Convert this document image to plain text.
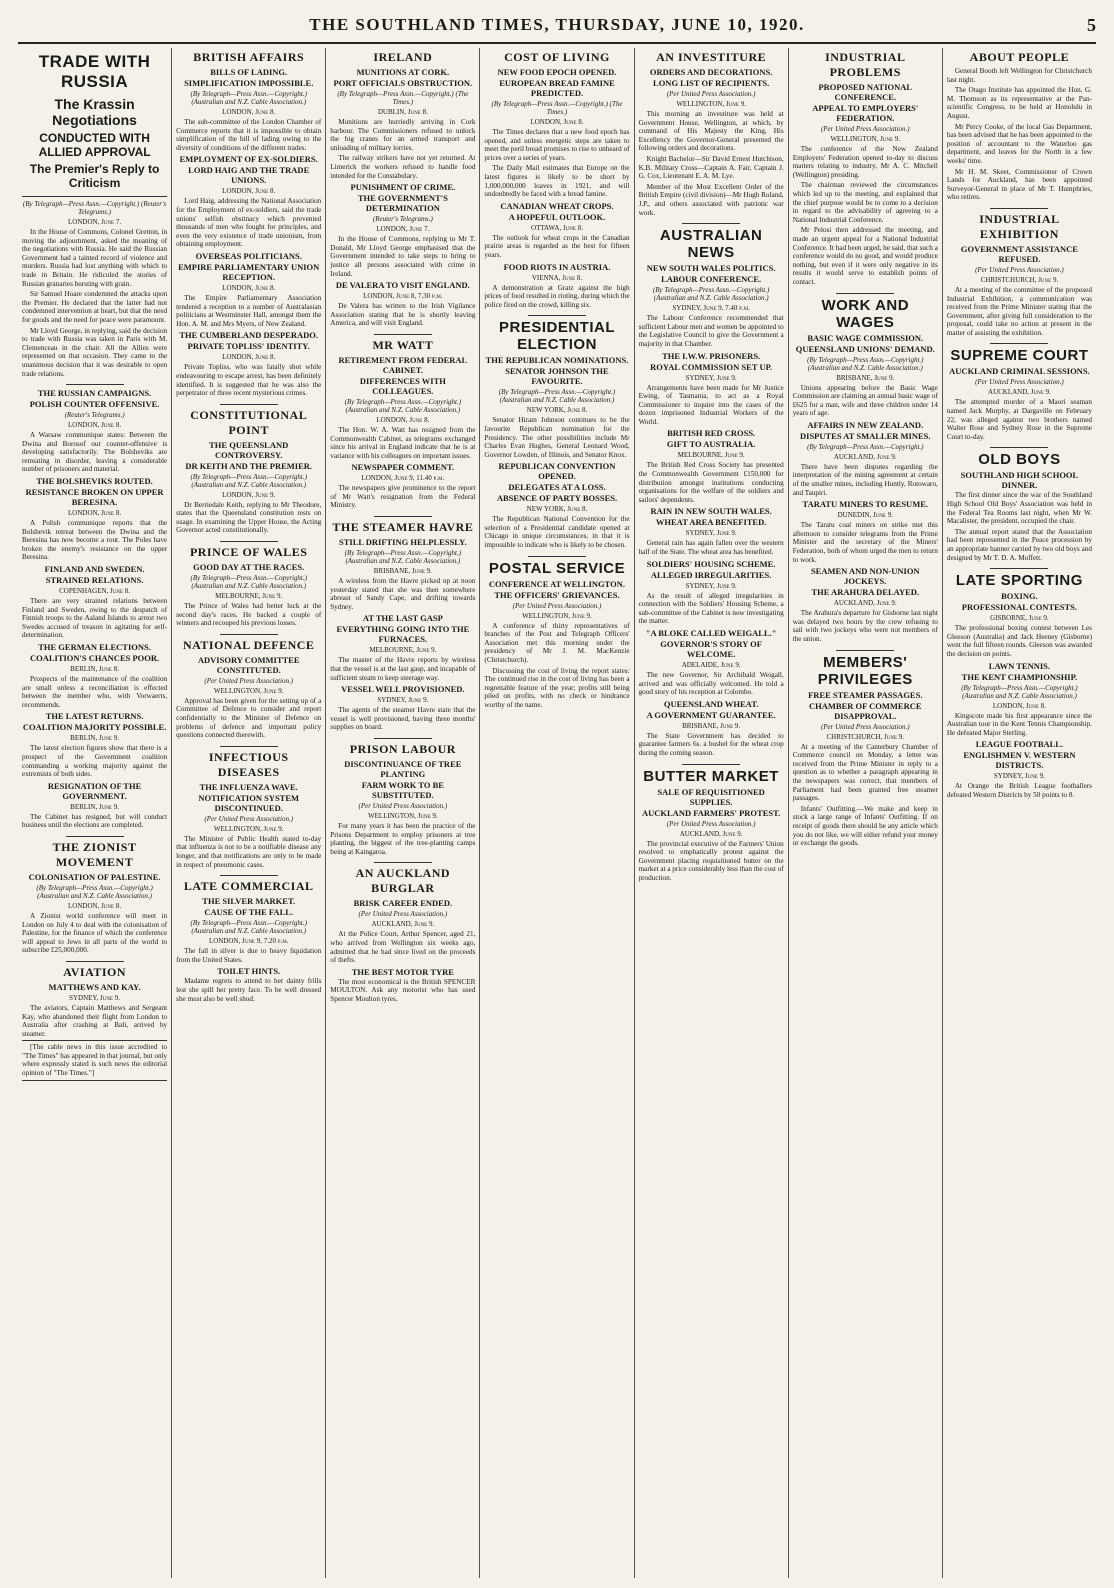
THE SOUTHLAND TIMES, THURSDAY, JUNE 10, 1920.	5
TRADE WITH RUSSIA
The Krassin Negotiations
CONDUCTED WITH ALLIED APPROVAL
The Premier's Reply to Criticism
(By Telegraph—Press Assn.—Copyright.) (Reuter's Telegrams.)
LONDON, June 7.

In the House of Commons, Colonel Gretton, in moving the adjournment, asked the meaning of the negotiations with Russia. He said the Russian Government had a tainted record of violence and murders. Russia had lost anything with which to trade in Britain. He ridiculed the stories of Russian granaries bursting with grain.

Sir Samuel Hoare condemned the attacks upon the Premier. He declared that the latter had not condemned intervention at heart, but that the need for goods and the need for peace were paramount.

Mr Lloyd George, in replying, said the decision to trade with Russia was taken in Paris with M. Clemenceau in the chair. All the Allies were represented on that occasion. They came to the unanimous decision that it was desirable to open trade relations.

THE RUSSIAN CAMPAIGNS.
POLISH COUNTER OFFENSIVE.
(Reuter's Telegrams.)
LONDON, June 8.

A Warsaw communique states: Between the Dwina and Borosof our counter-offensive is developing satisfactorily. The Bolsheviks are retreating in disorder, leaving a considerable number of prisoners and material.

THE BOLSHEVIKS ROUTED.
RESISTANCE BROKEN ON UPPER BERESINA.
LONDON, June 8.

A Polish communique reports that the Bolshevik retreat between the Dwina and the Beresina has now become a rout. The Poles have broken the enemy's resistance on the upper Beresina.

FINLAND AND SWEDEN.
STRAINED RELATIONS.
COPENHAGEN, June 8.

There are very strained relations between Finland and Sweden, owing to the despatch of Finnish troops to the Aaland Islands to arrest two Swedes accused of treason in agitating for self-determination.

THE GERMAN ELECTIONS.
COALITION'S CHANCES POOR.
BERLIN, June 8.

Prospects of the maintenance of the coalition are small unless a reconciliation is effected between the member who, with Vorwaerts, recommends.

THE LATEST RETURNS.
COALITION MAJORITY POSSIBLE.
BERLIN, June 9.

The latest election figures show that there is a prospect of the Government coalition commanding a working majority against the extremists of both sides.

RESIGNATION OF THE GOVERNMENT.
BERLIN, June 9.

The Cabinet has resigned, but will conduct business until the elections are completed.

THE ZIONIST MOVEMENT
COLONISATION OF PALESTINE.
(By Telegraph—Press Assn.—Copyright.) (Australian and N.Z. Cable Association.)
LONDON, June 8.

A Zionist world conference will meet in London on July 4 to deal with the colonisation of Palestine, for the finance of which the conference will appeal to Jews in all parts of the world to subscribe £25,000,000.

AVIATION
MATTHEWS AND KAY.
SYDNEY, June 9.

The aviators, Captain Matthews and Sergeant Kay, who abandoned their flight from London to Australia after crashing at Bali, arrived by steamer.

[The cable news in this issue accredited to "The Times" has appeared in that journal, but only where expressly stated is such news the editorial opinion of "The Times."]

BRITISH AFFAIRS
BILLS OF LADING.
SIMPLIFICATION IMPOSSIBLE.
(By Telegraph—Press Assn.—Copyright.) (Australian and N.Z. Cable Association.)
LONDON, June 8.

The sub-committee of the London Chamber of Commerce reports that it is impossible to obtain simplification of the bill of lading owing to the diversity of conditions of the different trades.

EMPLOYMENT OF EX-SOLDIERS.
LORD HAIG AND THE TRADE UNIONS.
LONDON, June 8.

Lord Haig, addressing the National Association for the Employment of ex-soldiers, said the trade unions' selfish obstinacy which prevented thousands of men who fought for principles, and even the very existence of trade unionism, from obtaining employment.

OVERSEAS POLITICIANS.
EMPIRE PARLIAMENTARY UNION RECEPTION.
LONDON, June 8.

The Empire Parliamentary Association tendered a reception to a number of Australasian politicians at Westminster Hall, amongst them the Hon. A. M. and Mrs Myers, of New Zealand.

THE CUMBERLAND DESPERADO.
PRIVATE TOPLISS' IDENTITY.
LONDON, June 8.

Private Topliss, who was fatally shot while endeavouring to escape arrest, has been definitely identified. It is suggested that he was also the perpetrator of three recent mysterious crimes.

CONSTITUTIONAL POINT
THE QUEENSLAND CONTROVERSY.
DR KEITH AND THE PREMIER.
(By Telegraph—Press Assn.—Copyright.) (Australian and N.Z. Cable Association.)
LONDON, June 9.

Dr Berriedale Keith, replying to Mr Theodore, states that the Queensland constitution rests on usage. In examining the Upper House, the Acting Governor acted constitutionally.

PRINCE OF WALES
GOOD DAY AT THE RACES.
(By Telegraph—Press Assn.—Copyright.) (Australian and N.Z. Cable Association.)
MELBOURNE, June 9.

The Prince of Wales had better luck at the second day's races. He backed a couple of winners and recouped his previous losses.

NATIONAL DEFENCE
ADVISORY COMMITTEE CONSTITUTED.
(Per United Press Association.)
WELLINGTON, June 9.

Approval has been given for the setting up of a Committee of Defence to consider and report confidentially to the Minister of Defence on problems of defence and important policy questions connected therewith.

INFECTIOUS DISEASES
THE INFLUENZA WAVE.
NOTIFICATION SYSTEM DISCONTINUED.
(Per United Press Association.)
WELLINGTON, June 9.

The Minister of Public Health stated to-day that influenza is not to be a notifiable disease any longer, and that notifications are only to be made in respect of pneumonic cases.

LATE COMMERCIAL
THE SILVER MARKET.
CAUSE OF THE FALL.
(By Telegraph—Press Assn.—Copyright.) (Australian and N.Z. Cable Association.)
LONDON, June 9, 7.20 p.m.

The fall in silver is due to heavy liquidation from the United States.

TOILET HINTS.

Madame regrets to attend to her dainty frills lest she spill her pretty face. To be well dressed she must also be well shod.

IRELAND
MUNITIONS AT CORK.
PORT OFFICIALS OBSTRUCTION.
(By Telegraph—Press Assn.—Copyright.) (The Times.)
DUBLIN, June 8.

Munitions are hurriedly arriving in Cork harbour. The Commissioners refused to unlock the big cranes for an armed transport and unloading of military lorries.

The railway strikers have not yet returned. At Limerick the workers refused to handle food intended for the Constabulary.

PUNISHMENT OF CRIME.
THE GOVERNMENT'S DETERMINATION
(Reuter's Telegrams.)
LONDON, June 7.

In the House of Commons, replying to Mr T. Donald, Mr Lloyd George emphasised that the Government intended to take steps to bring to justice all persons associated with crime in Ireland.

DE VALERA TO VISIT ENGLAND.
LONDON, June 8, 7.30 p.m.

De Valera has written to the Irish Vigilance Association stating that he is shortly leaving America, and will visit England.

MR WATT
RETIREMENT FROM FEDERAL CABINET.
DIFFERENCES WITH COLLEAGUES.
(By Telegraph—Press Assn.—Copyright.) (Australian and N.Z. Cable Association.)
LONDON, June 8.

The Hon. W. A. Watt has resigned from the Commonwealth Cabinet, as telegrams exchanged since his arrival in England indicate that he is at variance with his colleagues on important issues.

NEWSPAPER COMMENT.
LONDON, June 9, 11.40 p.m.

The newspapers give prominence to the report of Mr Watt's resignation from the Federal Ministry.

THE STEAMER HAVRE
STILL DRIFTING HELPLESSLY.
(By Telegraph—Press Assn.—Copyright.) (Australian and N.Z. Cable Association.)
BRISBANE, June 9.

A wireless from the Havre picked up at noon yesterday stated that she was then somewhere abreast of Sandy Cape, and drifting towards Sydney.

AT THE LAST GASP
EVERYTHING GOING INTO THE FURNACES.
MELBOURNE, June 9.

The master of the Havre reports by wireless that the vessel is at the last gasp, and incapable of sufficient steam to keep steerage way.

VESSEL WELL PROVISIONED.
SYDNEY, June 9.

The agents of the steamer Havre state that the vessel is well provisioned, having three months' supplies on board.

PRISON LABOUR
DISCONTINUANCE OF TREE PLANTING
FARM WORK TO BE SUBSTITUTED.
(Per United Press Association.)
WELLINGTON, June 9.

For many years it has been the practice of the Prisons Department to employ prisoners at tree planting, the biggest of the tree-planting camps being at Kaingaroa.

AN AUCKLAND BURGLAR
BRISK CAREER ENDED.
(Per United Press Association.)
AUCKLAND, June 9.

At the Police Court, Arthur Spencer, aged 21, who arrived from Wellington six weeks ago, admitted that he had since lived on the proceeds of thefts.

THE BEST MOTOR TYRE

The most economical is the British SPENCER MOULTON. Ask any motorist who has used Spencer Moulton tyres.

COST OF LIVING
NEW FOOD EPOCH OPENED.
EUROPEAN BREAD FAMINE PREDICTED.
(By Telegraph—Press Assn.—Copyright.) (The Times.)
LONDON, June 8.

The Times declares that a new food epoch has opened, and unless energetic steps are taken to meet the peril bread promises to rise to unheard of prices over a series of years.

The Daily Mail estimates that Europe on the latest figures is likely to be short by 1,000,000,000 loaves in 1921, and will undoubtedly be faced with a bread famine.

CANADIAN WHEAT CROPS.
A HOPEFUL OUTLOOK.
OTTAWA, June 8.

The outlook for wheat crops in the Canadian prairie areas is regarded as the best for fifteen years.

FOOD RIOTS IN AUSTRIA.
VIENNA, June 8.

A demonstration at Gratz against the high prices of food resulted in rioting, during which the police fired on the crowd, killing six.

PRESIDENTIAL ELECTION
THE REPUBLICAN NOMINATIONS.
SENATOR JOHNSON THE FAVOURITE.
(By Telegraph—Press Assn.—Copyright.) (Australian and N.Z. Cable Association.)
NEW YORK, June 8.

Senator Hiram Johnson continues to be the favourite Republican nomination for the Presidency. The other possibilities include Mr Charles Evan Hughes, General Leonard Wood, Governor Lowden, of Illinois, and Senator Knox.

REPUBLICAN CONVENTION OPENED.
DELEGATES AT A LOSS.
ABSENCE OF PARTY BOSSES.
NEW YORK, June 8.

The Republican National Convention for the selection of a Presidential candidate opened at Chicago in unique circumstances, in that it is impossible to indicate who is likely to be chosen.

POSTAL SERVICE
CONFERENCE AT WELLINGTON.
THE OFFICERS' GRIEVANCES.
(Per United Press Association.)
WELLINGTON, June 9.

A conference of thirty representatives of branches of the Post and Telegraph Officers' Association met this morning under the presidency of Mr J. M. MacKenzie (Christchurch).

Discussing the cost of living the report states: The continued rise in the cost of living has been a regrettable feature of the year; profits still being piled on profits, with no check or hindrance worthy of the name.

AN INVESTITURE
ORDERS AND DECORATIONS.
LONG LIST OF RECIPIENTS.
(Per United Press Association.)
WELLINGTON, June 9.

This morning an investiture was held at Government House, Wellington, at which, by command of His Majesty the King, His Excellency the Governor-General presented the following orders and decorations.

Knight Bachelor—Sir David Ernest Hutchison, K.B. Military Cross—Captain A. Fair, Captain J. G. Cox, Lieutenant E. A. M. Lye.

Member of the Most Excellent Order of the British Empire (civil division)—Mr Hugh Roland, J.P., and others associated with patriotic war work.

AUSTRALIAN NEWS
NEW SOUTH WALES POLITICS.
LABOUR CONFERENCE.
(By Telegraph—Press Assn.—Copyright.) (Australian and N.Z. Cable Association.)
SYDNEY, June 9, 7.40 p.m.

The Labour Conference recommended that sufficient Labour men and women be appointed to the Legislative Council to give the Government a majority in that Chamber.

THE I.W.W. PRISONERS.
ROYAL COMMISSION SET UP.
SYDNEY, June 9.

Arrangements have been made for Mr Justice Ewing, of Tasmania, to act as a Royal Commissioner to inquire into the cases of the dozen imprisoned Industrial Workers of the World.

BRITISH RED CROSS.
GIFT TO AUSTRALIA.
MELBOURNE, June 9.

The British Red Cross Society has presented the Commonwealth Government £150,000 for distribution amongst institutions conducting organisations for the welfare of the soldiers and sailors' dependents.

RAIN IN NEW SOUTH WALES.
WHEAT AREA BENEFITED.
SYDNEY, June 9.

General rain has again fallen over the western half of the State. The wheat area has benefited.

SOLDIERS' HOUSING SCHEME.
ALLEGED IRREGULARITIES.
SYDNEY, June 9.

As the result of alleged irregularities in connection with the Soldiers' Housing Scheme, a sub-committee of the Cabinet is now investigating the matter.

"A BLOKE CALLED WEIGALL."
GOVERNOR'S STORY OF WELCOME.
ADELAIDE, June 9.

The new Governor, Sir Archibald Weigall, arrived and was officially welcomed. He told a good story of his reception at Colombo.

QUEENSLAND WHEAT.
A GOVERNMENT GUARANTEE.
BRISBANE, June 9.

The State Government has decided to guarantee farmers 6s. a bushel for the wheat crop during the coming season.

BUTTER MARKET
SALE OF REQUISITIONED SUPPLIES.
AUCKLAND FARMERS' PROTEST.
(Per United Press Association.)
AUCKLAND, June 9.

The provincial executive of the Farmers' Union resolved to emphatically protest against the Government placing requisitioned butter on the market at a price considerably less than the cost of production.

INDUSTRIAL PROBLEMS
PROPOSED NATIONAL CONFERENCE.
APPEAL TO EMPLOYERS' FEDERATION.
(Per United Press Association.)
WELLINGTON, June 9.

The conference of the New Zealand Employers' Federation opened to-day to discuss matters relating to industry, Mr A. C. Mitchell (Wellington) presiding.

The chairman reviewed the circumstances which led up to the meeting, and explained that the chief purpose would be to come to a decision in regard to the advisability of agreeing to a National Industrial Conference.

Mr Pelosi then addressed the meeting, and made an urgent appeal for a National Industrial Conference. It had been urged, he said, that such a conference would do no good, and would produce nothing, but even if it were only negative in its results it would serve to establish points of contact.

WORK AND WAGES
BASIC WAGE COMMISSION.
QUEENSLAND UNIONS' DEMAND.
(By Telegraph—Press Assn.—Copyright.) (Australian and N.Z. Cable Association.)
BRISBANE, June 9.

Unions appearing before the Basic Wage Commission are claiming an annual basic wage of £625 for a man, wife and three children under 14 years of age.

AFFAIRS IN NEW ZEALAND.
DISPUTES AT SMALLER MINES.
(By Telegraph—Press Assn.—Copyright.)
AUCKLAND, June 9.

There have been disputes regarding the interpretation of the mining agreement at certain of the smaller mines, including Huntly, Rotowaro, and Taupiri.

TARATU MINERS TO RESUME.
DUNEDIN, June 9.

The Taratu coal miners on strike met this afternoon to consider telegrams from the Prime Minister and the secretary of the Miners' Federation, both of whom urged the men to return to work.

SEAMEN AND NON-UNION JOCKEYS.
THE ARAHURA DELAYED.
AUCKLAND, June 9.

The Arahura's departure for Gisborne last night was delayed two hours by the crew refusing to sail with two jockeys who were not members of the union.

MEMBERS' PRIVILEGES
FREE STEAMER PASSAGES.
CHAMBER OF COMMERCE DISAPPROVAL.
(Per United Press Association.)
CHRISTCHURCH, June 9.

At a meeting of the Canterbury Chamber of Commerce council on Monday, a letter was received from the Prime Minister in reply to a question as to whether a paragraph appearing in the newspapers was correct, that members of Parliament had been granted free steamer passages.

Infants' Outfitting.—We make and keep in stock a large range of Infants' Outfitting. If on receipt of goods there should be any article which you do not like, we will either refund your money or exchange the goods.

ABOUT PEOPLE

General Booth left Wellington for Christchurch last night.

The Otago Institute has appointed the Hon. G. M. Thomson as its representative at the Pan-scientific Congress, to be held at Honolulu in August.

Mr Percy Cooke, of the local Gas Department, has been advised that he has been appointed to the position of accountant to the Waterloo gas department, and leaves for the North in a few weeks' time.

Mr H. M. Skeet, Commissioner of Crown Lands for Auckland, has been appointed Surveyor-General in place of Mr T. Humphries, who retires.

INDUSTRIAL EXHIBITION
GOVERNMENT ASSISTANCE REFUSED.
(Per United Press Association.)
CHRISTCHURCH, June 9.

At a meeting of the committee of the proposed Industrial Exhibition, a communication was received from the Prime Minister stating that the Government, after giving full consideration to the proposal, could take no action at present in the matter of assisting the exhibition.

SUPREME COURT
AUCKLAND CRIMINAL SESSIONS.
(Per United Press Association.)
AUCKLAND, June 9.

The attempted murder of a Maori seaman named Jack Murphy, at Dargaville on February 22, was alleged against two brothers named Walter Rose and Sydney Rose in the Supreme Court to-day.

OLD BOYS
SOUTHLAND HIGH SCHOOL DINNER.

The first dinner since the war of the Southland High School Old Boys' Association was held in the Federal Tea Rooms last night, when Mr W. Macalister, the president, occupied the chair.

The annual report stated that the Association had been represented in the Peace procession by an appropriate banner carried by two old boys and designed by Mr T. D. A. Moffett.

LATE SPORTING
BOXING.
PROFESSIONAL CONTESTS.
GISBORNE, June 9.

The professional boxing contest between Les Gleeson (Australia) and Jack Heeney (Gisborne) went the full fifteen rounds. Gleeson was awarded the decision on points.

LAWN TENNIS.
THE KENT CHAMPIONSHIP.
(By Telegraph—Press Assn.—Copyright.) (Australian and N.Z. Cable Association.)
LONDON, June 8.

Kingscote made his first appearance since the Australian tour in the Kent Tennis Championship. He defeated Major Sterling.

LEAGUE FOOTBALL.
ENGLISHMEN V. WESTERN DISTRICTS.
SYDNEY, June 9.

At Orange the British League footballers defeated Western Districts by 50 points to 8.
